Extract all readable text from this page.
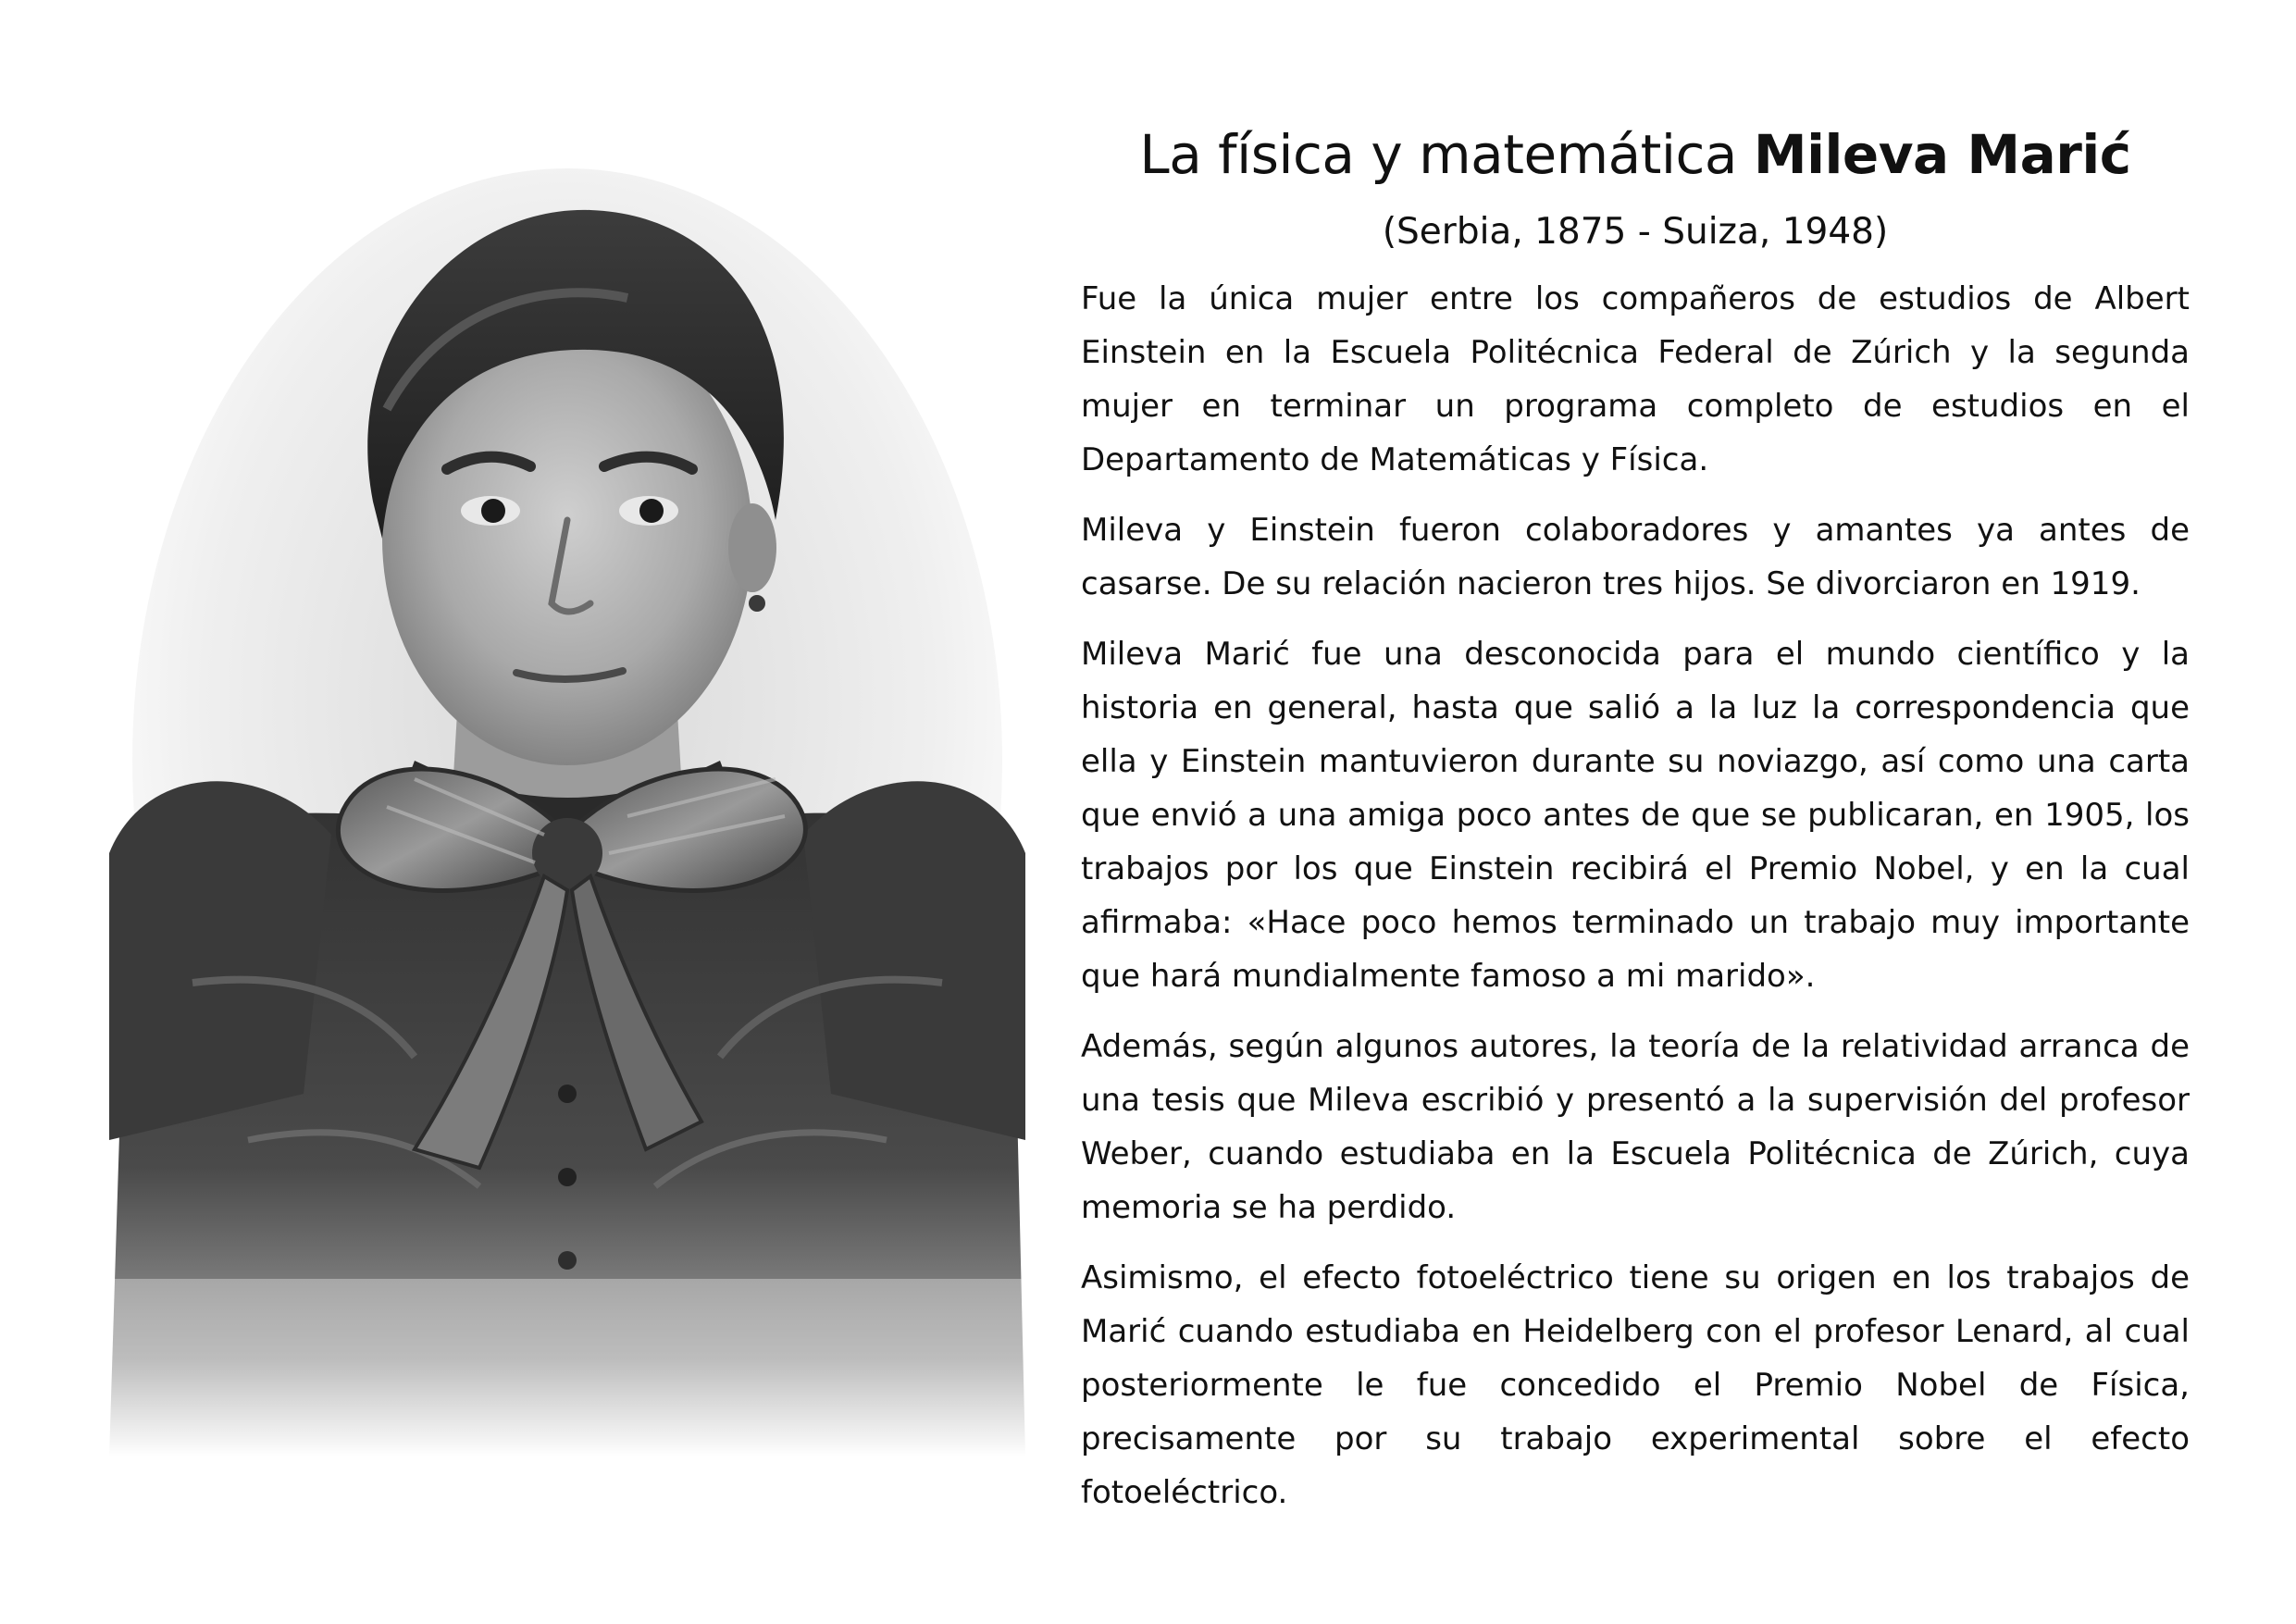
La física y matemática Mileva Marić
(Serbia, 1875 - Suiza, 1948)

Fue la única mujer entre los compañeros de estudios de Albert Einstein en la Escuela Politécnica Federal de Zúrich y la segunda mujer en terminar un programa completo de estudios en el Departamento de Matemáticas y Física.

Mileva y Einstein fueron colaboradores y amantes ya antes de casarse. De su relación nacieron tres hijos. Se divorciaron en 1919.

Mileva Marić fue una desconocida para el mundo científico y la historia en general, hasta que salió a la luz la correspondencia que ella y Einstein mantuvieron durante su noviazgo, así como una carta que envió a una amiga poco antes de que se publicaran, en 1905, los trabajos por los que Einstein recibirá el Premio Nobel, y en la cual afirmaba: «Hace poco hemos terminado un trabajo muy importante que hará mundialmente famoso a mi marido».

Además, según algunos autores, la teoría de la relatividad arranca de una tesis que Mileva escribió y presentó a la supervisión del profesor Weber, cuando estudiaba en la Escuela Politécnica de Zúrich, cuya memoria se ha perdido.

Asimismo, el efecto fotoeléctrico tiene su origen en los trabajos de Marić cuando estudiaba en Heidelberg con el profesor Lenard, al cual posteriormente le fue concedido el Premio Nobel de Física, precisamente por su trabajo experimental sobre el efecto fotoeléctrico.
